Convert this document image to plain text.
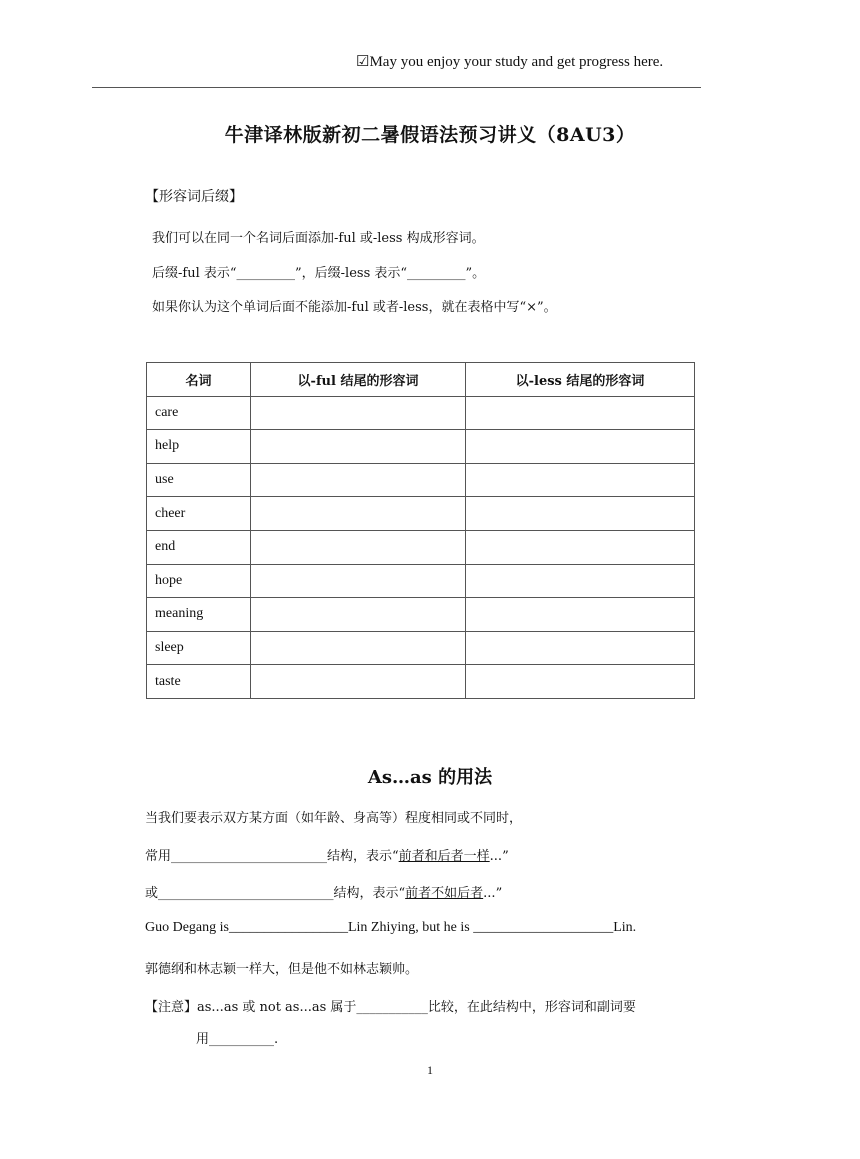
☑May you enjoy your study and get progress here.
牛津译林版新初二暑假语法预习讲义（8AU3）
【形容词后缀】
我们可以在同一个名词后面添加-ful 或-less 构成形容词。
后缀-ful 表示“_________”，后缀-less 表示“_________”。
如果你认为这个单词后面不能添加-ful 或者-less，就在表格中写“×”。
名词	以-ful 结尾的形容词	以-less 结尾的形容词
care		
help		
use		
cheer		
end		
hope		
meaning		
sleep		
taste		
As…as 的用法
当我们要表示双方某方面（如年龄、身高等）程度相同或不同时，
常用________________________结构，表示“前者和后者一样...”
或___________________________结构，表示“前者不如后者...”
Guo Degang is_________________Lin Zhiying, but he is ____________________Lin.
郭德纲和林志颖一样大，但是他不如林志颖帅。
【注意】as...as 或 not as...as 属于___________比较，在此结构中，形容词和副词要
用__________.
1
